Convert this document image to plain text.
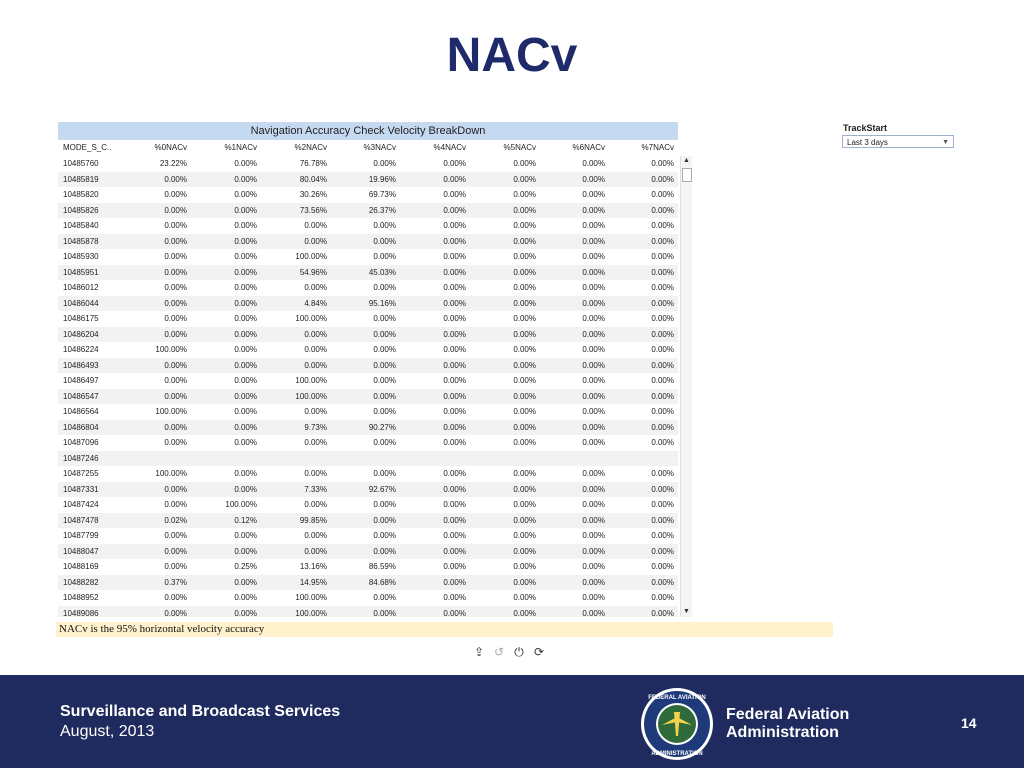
NACv
Navigation Accuracy Check Velocity BreakDown
MODE_S_C..	%0NACv	%1NACv	%2NACv	%3NACv	%4NACv	%5NACv	%6NACv	%7NACv
10485760	23.22%	0.00%	76.78%	0.00%	0.00%	0.00%	0.00%	0.00%
10485819	0.00%	0.00%	80.04%	19.96%	0.00%	0.00%	0.00%	0.00%
10485820	0.00%	0.00%	30.26%	69.73%	0.00%	0.00%	0.00%	0.00%
10485826	0.00%	0.00%	73.56%	26.37%	0.00%	0.00%	0.00%	0.00%
10485840	0.00%	0.00%	0.00%	0.00%	0.00%	0.00%	0.00%	0.00%
10485878	0.00%	0.00%	0.00%	0.00%	0.00%	0.00%	0.00%	0.00%
10485930	0.00%	0.00%	100.00%	0.00%	0.00%	0.00%	0.00%	0.00%
10485951	0.00%	0.00%	54.96%	45.03%	0.00%	0.00%	0.00%	0.00%
10486012	0.00%	0.00%	0.00%	0.00%	0.00%	0.00%	0.00%	0.00%
10486044	0.00%	0.00%	4.84%	95.16%	0.00%	0.00%	0.00%	0.00%
10486175	0.00%	0.00%	100.00%	0.00%	0.00%	0.00%	0.00%	0.00%
10486204	0.00%	0.00%	0.00%	0.00%	0.00%	0.00%	0.00%	0.00%
10486224	100.00%	0.00%	0.00%	0.00%	0.00%	0.00%	0.00%	0.00%
10486493	0.00%	0.00%	0.00%	0.00%	0.00%	0.00%	0.00%	0.00%
10486497	0.00%	0.00%	100.00%	0.00%	0.00%	0.00%	0.00%	0.00%
10486547	0.00%	0.00%	100.00%	0.00%	0.00%	0.00%	0.00%	0.00%
10486564	100.00%	0.00%	0.00%	0.00%	0.00%	0.00%	0.00%	0.00%
10486804	0.00%	0.00%	9.73%	90.27%	0.00%	0.00%	0.00%	0.00%
10487096	0.00%	0.00%	0.00%	0.00%	0.00%	0.00%	0.00%	0.00%
10487246
10487255	100.00%	0.00%	0.00%	0.00%	0.00%	0.00%	0.00%	0.00%
10487331	0.00%	0.00%	7.33%	92.67%	0.00%	0.00%	0.00%	0.00%
10487424	0.00%	100.00%	0.00%	0.00%	0.00%	0.00%	0.00%	0.00%
10487478	0.02%	0.12%	99.85%	0.00%	0.00%	0.00%	0.00%	0.00%
10487799	0.00%	0.00%	0.00%	0.00%	0.00%	0.00%	0.00%	0.00%
10488047	0.00%	0.00%	0.00%	0.00%	0.00%	0.00%	0.00%	0.00%
10488169	0.00%	0.25%	13.16%	86.59%	0.00%	0.00%	0.00%	0.00%
10488282	0.37%	0.00%	14.95%	84.68%	0.00%	0.00%	0.00%	0.00%
10488952	0.00%	0.00%	100.00%	0.00%	0.00%	0.00%	0.00%	0.00%
10489086	0.00%	0.00%	100.00%	0.00%	0.00%	0.00%	0.00%	0.00%
▲
▼
TrackStart
Last 3 days	▼
NACv is the 95% horizontal velocity accuracy
⇪ ↺ ⏻ ⟳
Surveillance and Broadcast Services
August, 2013
FEDERAL AVIATION
ADMINISTRATION
Federal Aviation
Administration
14
